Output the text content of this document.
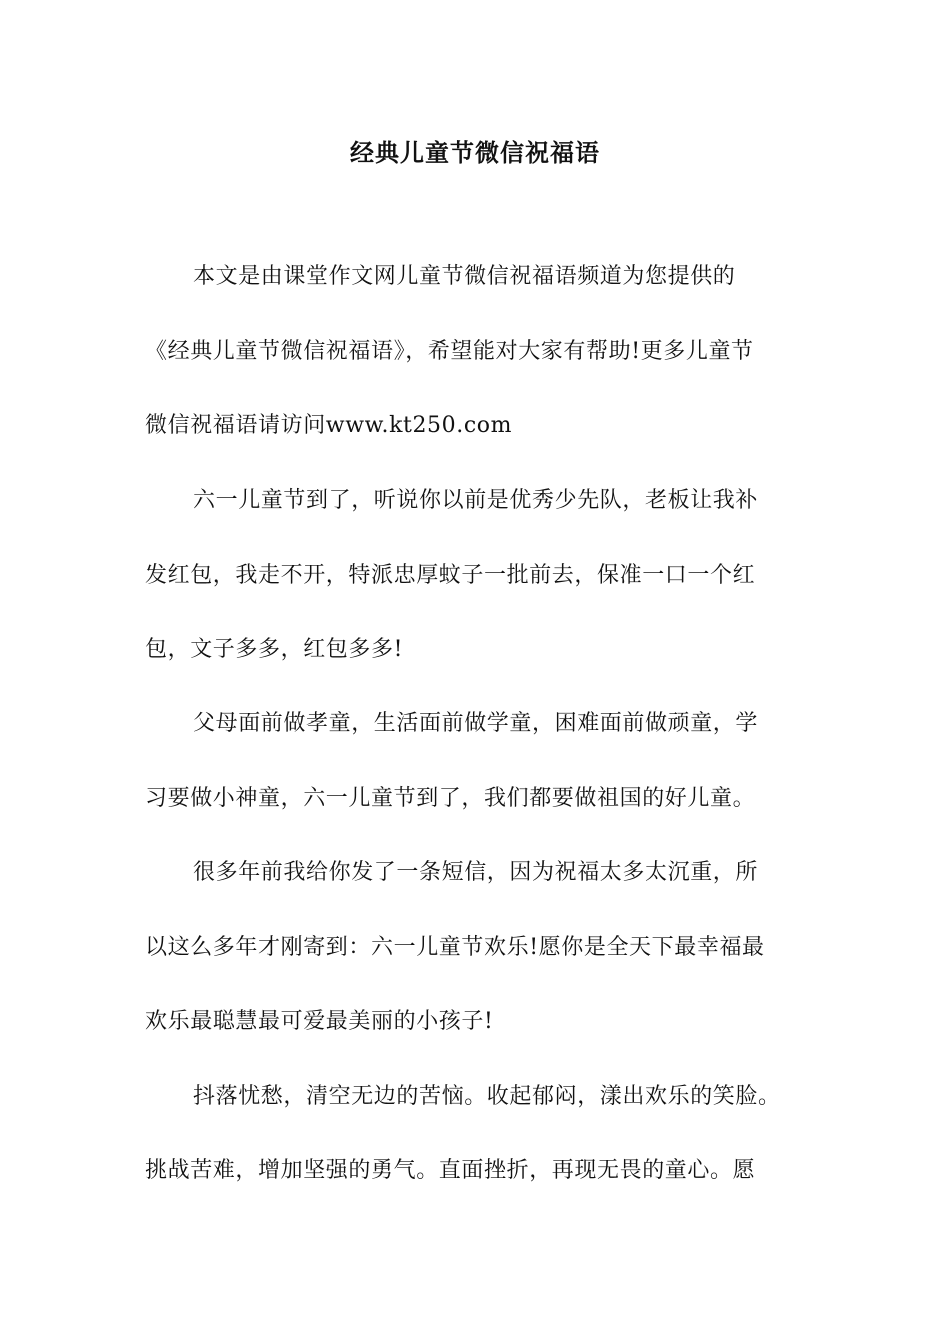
经典儿童节微信祝福语
本文是由课堂作文网儿童节微信祝福语频道为您提供的
《经典儿童节微信祝福语》，希望能对大家有帮助!更多儿童节
微信祝福语请访问www.kt250.com
六一儿童节到了，听说你以前是优秀少先队，老板让我补
发红包，我走不开，特派忠厚蚊子一批前去，保准一口一个红
包，文子多多，红包多多!
父母面前做孝童，生活面前做学童，困难面前做顽童，学
习要做小神童，六一儿童节到了，我们都要做祖国的好儿童。
很多年前我给你发了一条短信，因为祝福太多太沉重，所
以这么多年才刚寄到：六一儿童节欢乐!愿你是全天下最幸福最
欢乐最聪慧最可爱最美丽的小孩子!
抖落忧愁，清空无边的苦恼。收起郁闷，漾出欢乐的笑脸。
挑战苦难，增加坚强的勇气。直面挫折，再现无畏的童心。愿
